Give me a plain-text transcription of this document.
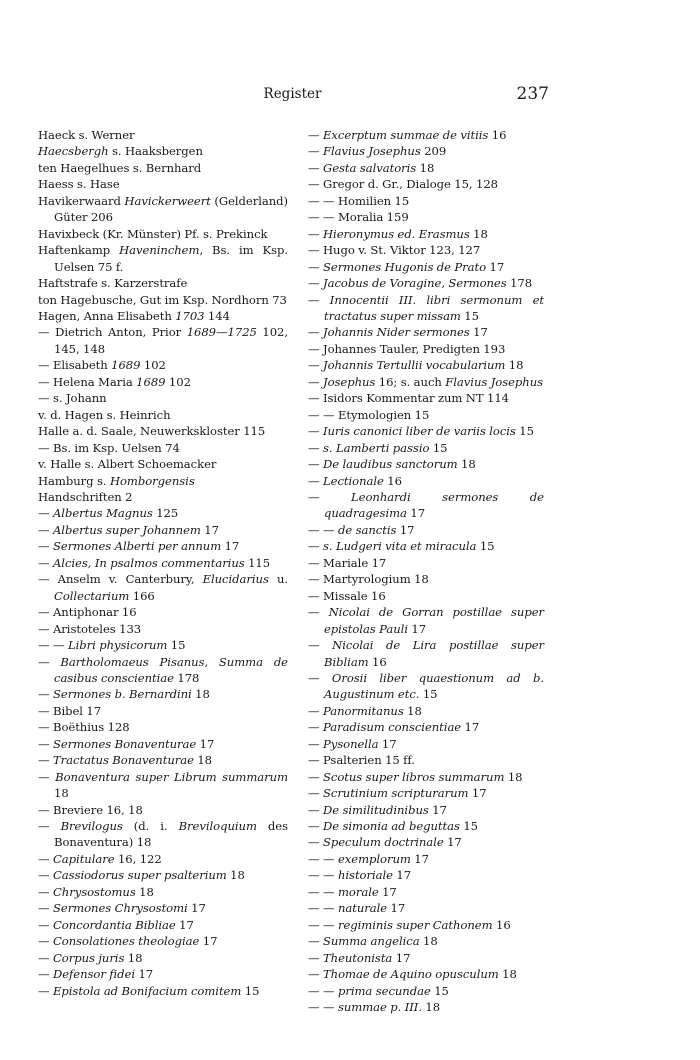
Register	237
Haeck s. Werner
Haecsbergh s. Haaksbergen
ten Haegelhues s. Bernhard
Haess s. Hase
Havikerwaard Havickerweert (Gelderland) Güter 206
Havixbeck (Kr. Münster) Pf. s. Prekinck
Haftenkamp Haveninchem, Bs. im Ksp. Uelsen 75 f.
Haftstrafe s. Karzerstrafe
ton Hagebusche, Gut im Ksp. Nordhorn 73
Hagen, Anna Elisabeth 1703 144
— Dietrich Anton, Prior 1689—1725 102, 145, 148
— Elisabeth 1689 102
— Helena Maria 1689 102
— s. Johann
v. d. Hagen s. Heinrich
Halle a. d. Saale, Neuwerkskloster 115
— Bs. im Ksp. Uelsen 74
v. Halle s. Albert Schoemacker
Hamburg s. Homborgensis
Handschriften 2
— Albertus Magnus 125
— Albertus super Johannem 17
— Sermones Alberti per annum 17
— Alcies, In psalmos commentarius 115
— Anselm v. Canterbury, Elucidarius u. Collectarium 166
— Antiphonar 16
— Aristoteles 133
— — Libri physicorum 15
— Bartholomaeus Pisanus, Summa de casibus conscientiae 178
— Sermones b. Bernardini 18
— Bibel 17
— Boëthius 128
— Sermones Bonaventurae 17
— Tractatus Bonaventurae 18
— Bonaventura super Librum summarum 18
— Breviere 16, 18
— Brevilogus (d. i. Breviloquium des Bonaventura) 18
— Capitulare 16, 122
— Cassiodorus super psalterium 18
— Chrysostomus 18
— Sermones Chrysostomi 17
— Concordantia Bibliae 17
— Consolationes theologiae 17
— Corpus juris 18
— Defensor fidei 17
— Epistola ad Bonifacium comitem 15
— Excerptum summae de vitiis 16
— Flavius Josephus 209
— Gesta salvatoris 18
— Gregor d. Gr., Dialoge 15, 128
— — Homilien 15
— — Moralia 159
— Hieronymus ed. Erasmus 18
— Hugo v. St. Viktor 123, 127
— Sermones Hugonis de Prato 17
— Jacobus de Voragine, Sermones 178
— Innocentii III. libri sermonum et tractatus super missam 15
— Johannis Nider sermones 17
— Johannes Tauler, Predigten 193
— Johannis Tertullii vocabularium 18
— Josephus 16; s. auch Flavius Josephus
— Isidors Kommentar zum NT 114
— — Etymologien 15
— Iuris canonici liber de variis locis 15
— s. Lamberti passio 15
— De laudibus sanctorum 18
— Lectionale 16
— Leonhardi sermones de quadragesima 17
— — de sanctis 17
— s. Ludgeri vita et miracula 15
— Mariale 17
— Martyrologium 18
— Missale 16
— Nicolai de Gorran postillae super epistolas Pauli 17
— Nicolai de Lira postillae super Bibliam 16
— Orosii liber quaestionum ad b. Augustinum etc. 15
— Panormitanus 18
— Paradisum conscientiae 17
— Pysonella 17
— Psalterien 15 ff.
— Scotus super libros summarum 18
— Scrutinium scripturarum 17
— De similitudinibus 17
— De simonia ad beguttas 15
— Speculum doctrinale 17
— — exemplorum 17
— — historiale 17
— — morale 17
— — naturale 17
— — regiminis super Cathonem 16
— Summa angelica 18
— Theutonista 17
— Thomae de Aquino opusculum 18
— — prima secundae 15
— — summae p. III. 18
